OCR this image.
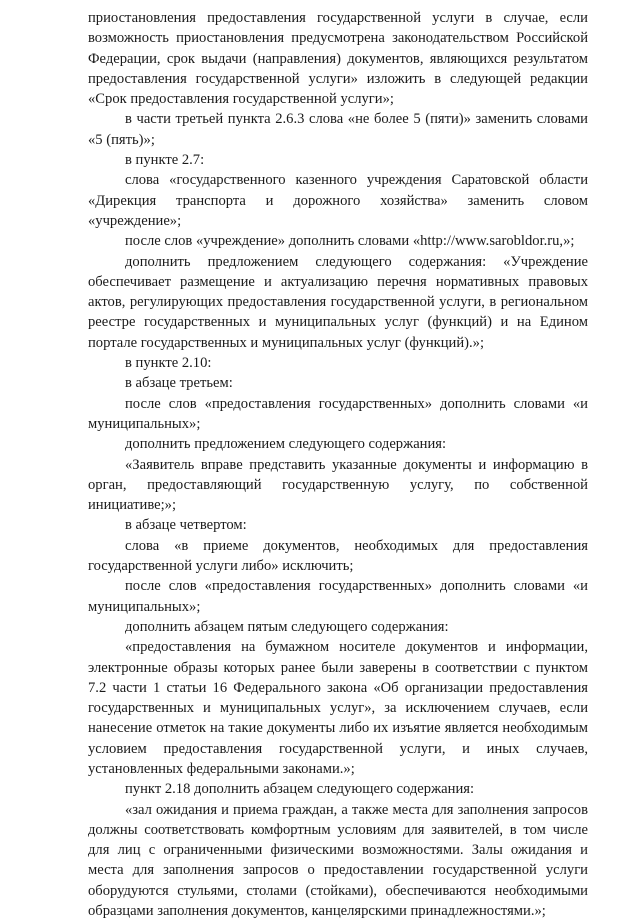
приостановления предоставления государственной услуги в случае, если возможность приостановления предусмотрена законодательством Российской Федерации, срок выдачи (направления) документов, являющихся результатом предоставления государственной услуги» изложить в следующей редакции «Срок предоставления государственной услуги»;

в части третьей пункта 2.6.3 слова «не более 5 (пяти)» заменить словами «5 (пять)»;

в пункте 2.7:

слова «государственного казенного учреждения Саратовской области «Дирекция транспорта и дорожного хозяйства» заменить словом «учреждение»;

после слов «учреждение» дополнить словами «http://www.sarobldor.ru,»;

дополнить предложением следующего содержания: «Учреждение обеспечивает размещение и актуализацию перечня нормативных правовых актов, регулирующих предоставления государственной услуги, в региональном реестре государственных и муниципальных услуг (функций) и на Едином портале государственных и муниципальных услуг (функций).»;

в пункте 2.10:

в абзаце третьем:

после слов «предоставления государственных» дополнить словами «и муниципальных»;

дополнить предложением следующего содержания:

«Заявитель вправе представить указанные документы и информацию в орган, предоставляющий государственную услугу, по собственной инициативе;»;

в абзаце четвертом:

слова «в приеме документов, необходимых для предоставления государственной услуги либо» исключить;

после слов «предоставления государственных» дополнить словами «и муниципальных»;

дополнить абзацем пятым следующего содержания:

«предоставления на бумажном носителе документов и информации, электронные образы которых ранее были заверены в соответствии с пунктом 7.2 части 1 статьи 16 Федерального закона «Об организации предоставления государственных и муниципальных услуг», за исключением случаев, если нанесение отметок на такие документы либо их изъятие является необходимым условием предоставления государственной услуги, и иных случаев, установленных федеральными законами.»;

пункт 2.18 дополнить абзацем следующего содержания:

«зал ожидания и приема граждан, а также места для заполнения запросов должны соответствовать комфортным условиям для заявителей, в том числе для лиц с ограниченными физическими возможностями. Залы ожидания и места для заполнения запросов о предоставлении государственной услуги оборудуются стульями, столами (стойками), обеспечиваются необходимыми образцами заполнения документов, канцелярскими принадлежностями.»;
